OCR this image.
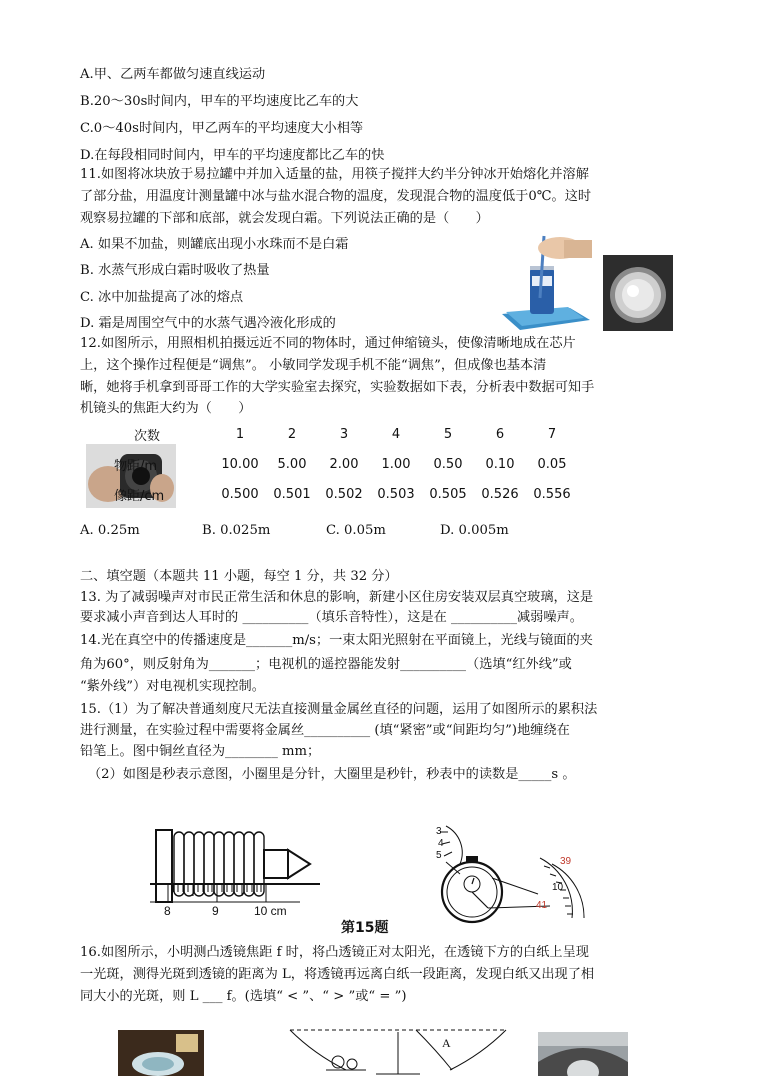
A.甲、乙两车都做匀速直线运动
B.20～30s时间内，甲车的平均速度比乙车的大
C.0～40s时间内，甲乙两车的平均速度大小相等
D.在每段相同时间内，甲车的平均速度都比乙车的快
11.如图将冰块放于易拉罐中并加入适量的盐，用筷子搅拌大约半分钟冰开始熔化并溶解
了部分盐，用温度计测量罐中冰与盐水混合物的温度，发现混合物的温度低于0℃。这时
观察易拉罐的下部和底部，就会发现白霜。下列说法正确的是（　　）
A. 如果不加盐，则罐底出现小水珠而不是白霜
B. 水蒸气形成白霜时吸收了热量
C. 冰中加盐提高了冰的熔点
D. 霜是周围空气中的水蒸气遇冷液化形成的
12.如图所示，用照相机拍摄远近不同的物体时，通过伸缩镜头，使像清晰地成在芯片
上，这个操作过程便是“调焦”。 小敏同学发现手机不能“调焦”，但成像也基本清
晰，她将手机拿到哥哥工作的大学实验室去探究，实验数据如下表，分析表中数据可知手
机镜头的焦距大约为（　　）
次数	1	2	3	4	5	6	7
物距/m	10.00	5.00	2.00	1.00	0.50	0.10	0.05
像距/cm	0.500	0.501	0.502	0.503	0.505	0.526	0.556
A. 0.25m	B. 0.025m	C. 0.05m	D. 0.005m
二、填空题（本题共 11 小题，每空 1 分，共 32 分）
13. 为了减弱噪声对市民正常生活和休息的影响，新建小区住房安装双层真空玻璃，这是
要求减小声音到达人耳时的 __________（填乐音特性），这是在 __________减弱噪声。
14.光在真空中的传播速度是_______m/s；一束太阳光照射在平面镜上，光线与镜面的夹
角为60°，则反射角为_______；电视机的遥控器能发射__________（选填“红外线”或
“紫外线”）对电视机实现控制。
15.（1）为了解决普通刻度尺无法直接测量金属丝直径的问题，运用了如图所示的累积法
进行测量，在实验过程中需要将金属丝__________ (填“紧密”或“间距均匀”)地缠绕在
铅笔上。图中铜丝直径为________ mm；
（2）如图是秒表示意图，小圈里是分针，大圈里是秒针，秒表中的读数是_____s 。
8	9	10 cm
3
4
5
39
10
41
第15题
16.如图所示，小明测凸透镜焦距 f 时，将凸透镜正对太阳光，在透镜下方的白纸上呈现
一光斑，测得光斑到透镜的距离为 L，将透镜再远离白纸一段距离，发现白纸又出现了相
同大小的光斑，则 L ___ f。(选填“ < ”、“ > ”或“ = ”)
A
